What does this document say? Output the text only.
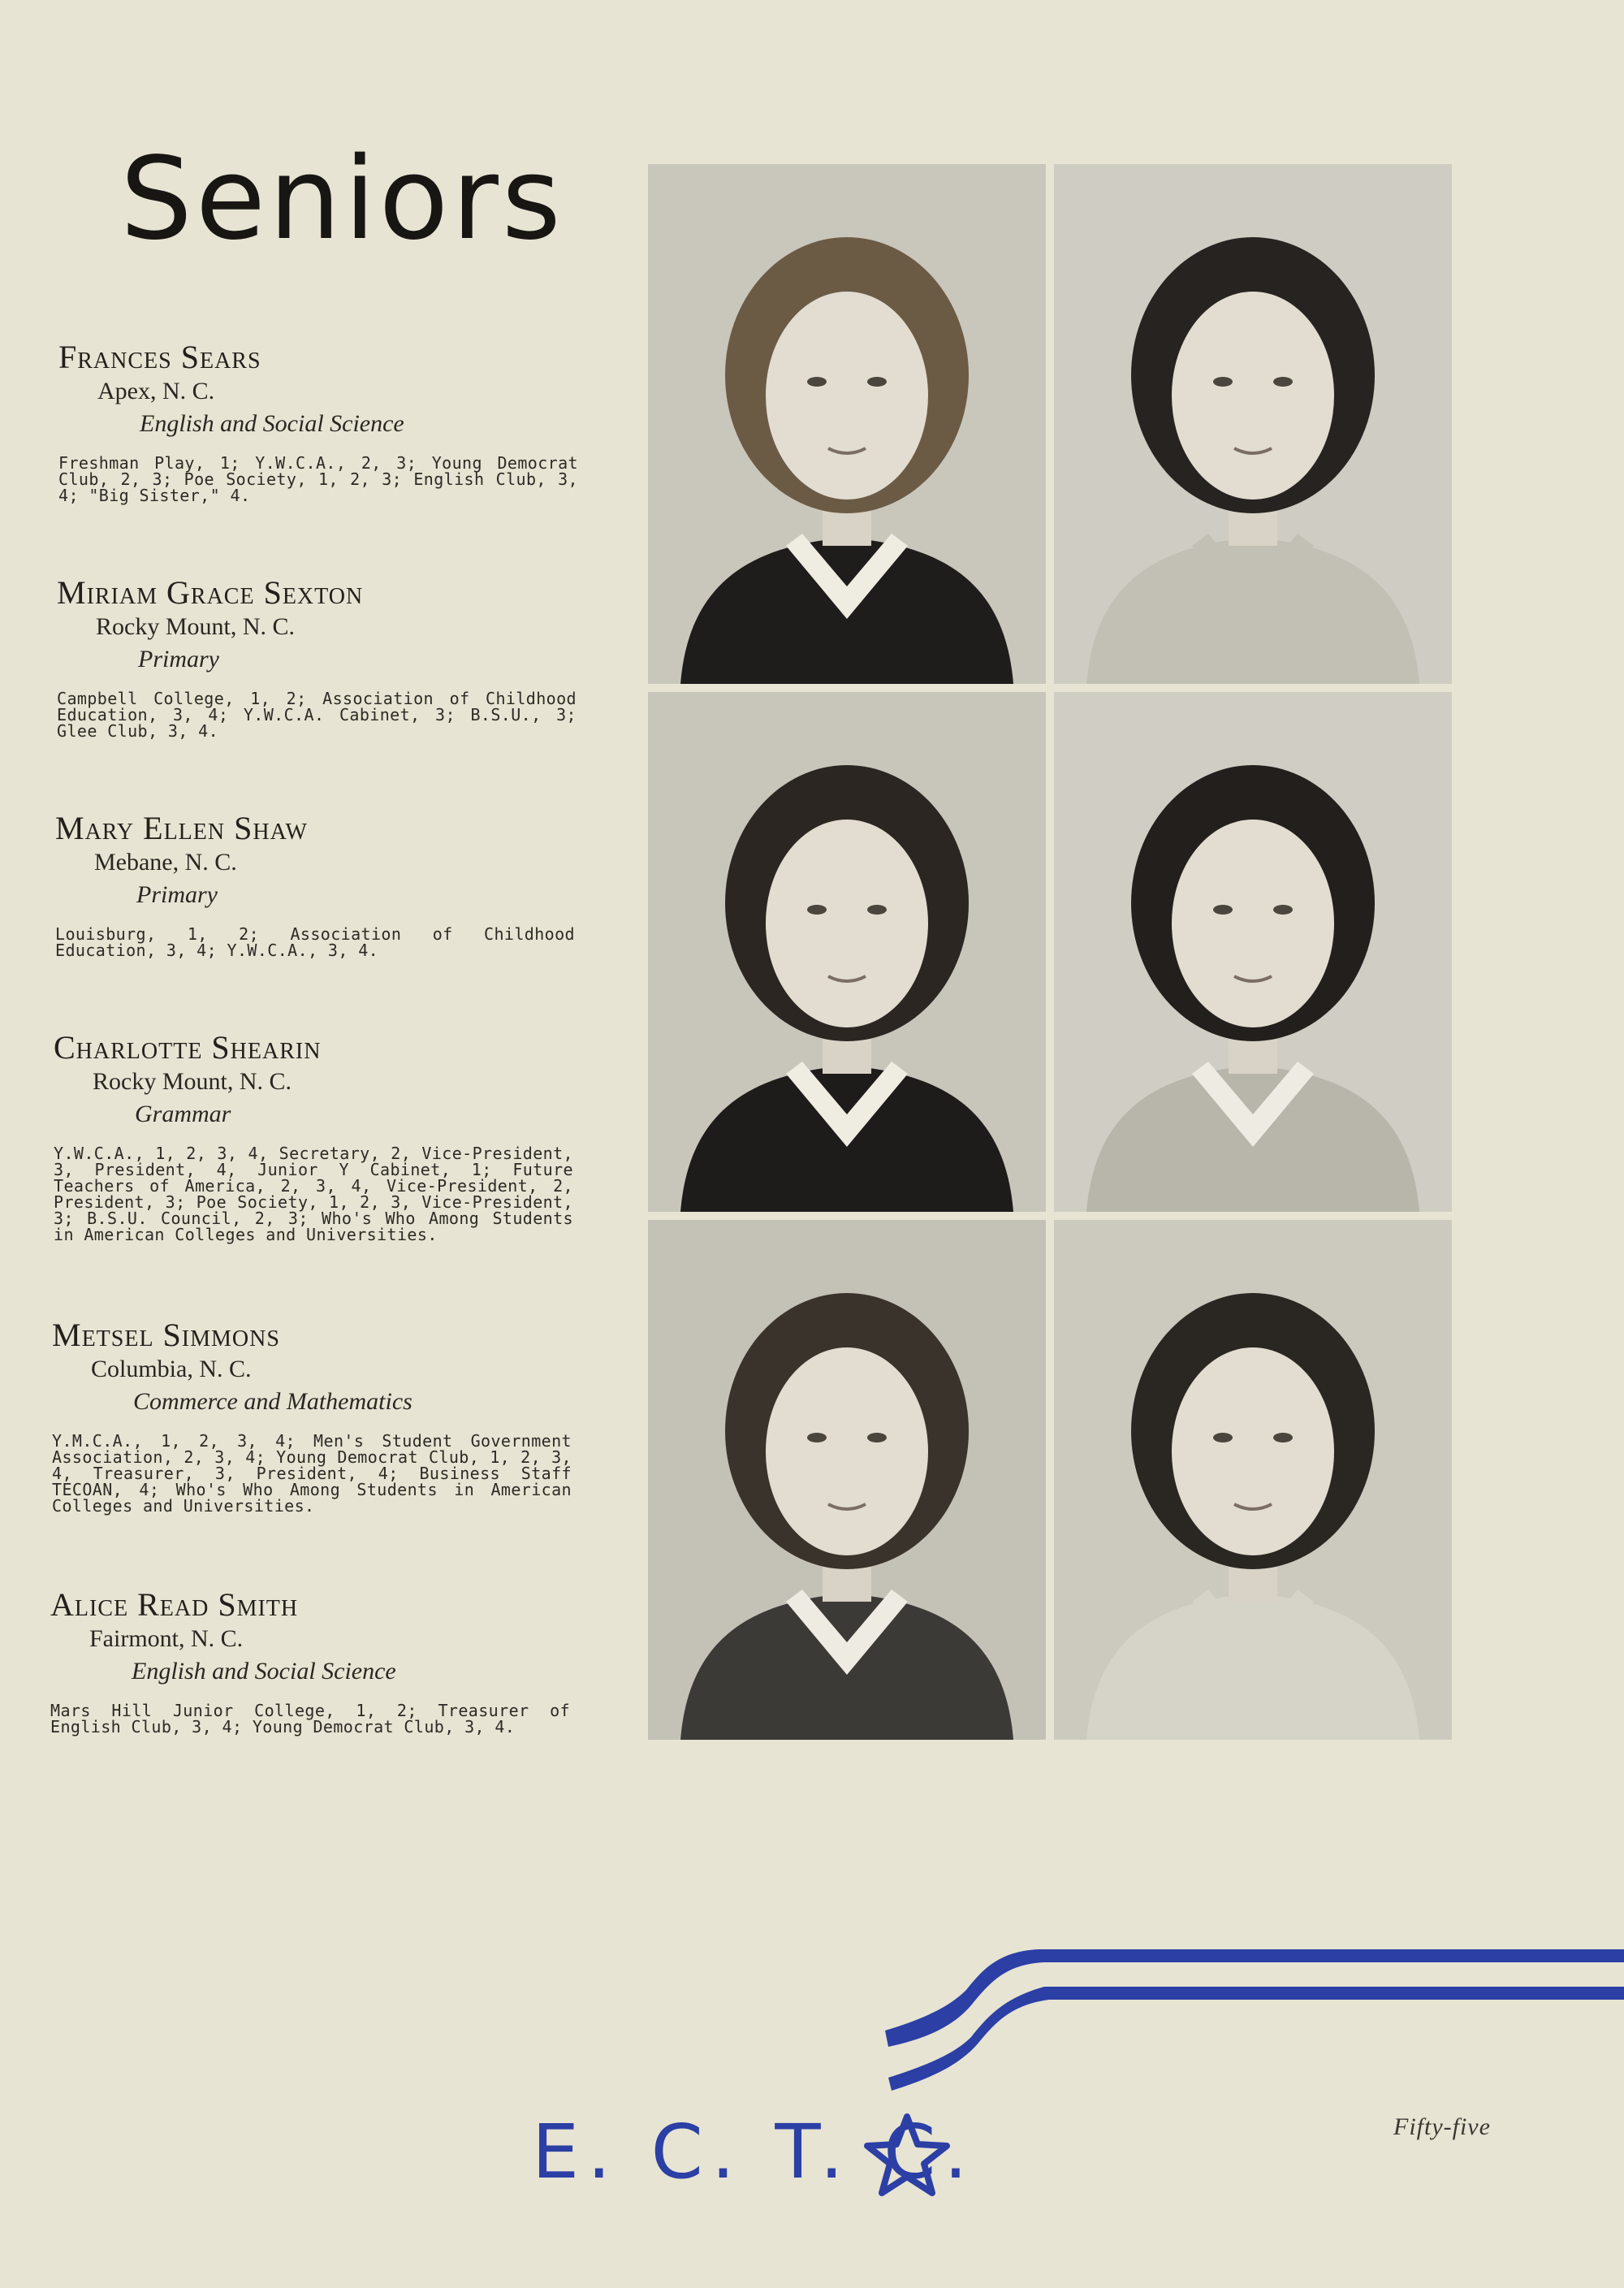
Seniors
Frances Sears
Apex, N. C.
English and Social Science
Freshman Play, 1; Y.W.C.A., 2, 3; Young Democrat Club, 2, 3; Poe Society, 1, 2, 3; English Club, 3, 4; "Big Sister," 4.
Miriam Grace Sexton
Rocky Mount, N. C.
Primary
Campbell College, 1, 2; Association of Childhood Education, 3, 4; Y.W.C.A. Cabinet, 3; B.S.U., 3; Glee Club, 3, 4.
Mary Ellen Shaw
Mebane, N. C.
Primary
Louisburg, 1, 2; Association of Childhood Education, 3, 4; Y.W.C.A., 3, 4.
Charlotte Shearin
Rocky Mount, N. C.
Grammar
Y.W.C.A., 1, 2, 3, 4, Secretary, 2, Vice-President, 3, President, 4, Junior Y Cabinet, 1; Future Teachers of America, 2, 3, 4, Vice-President, 2, President, 3; Poe Society, 1, 2, 3, Vice-President, 3; B.S.U. Council, 2, 3; Who's Who Among Students in American Colleges and Universities.
Metsel Simmons
Columbia, N. C.
Commerce and Mathematics
Y.M.C.A., 1, 2, 3, 4; Men's Student Government Association, 2, 3, 4; Young Democrat Club, 1, 2, 3, 4, Treasurer, 3, President, 4; Business Staff TECOAN, 4; Who's Who Among Students in American Colleges and Universities.
Alice Read Smith
Fairmont, N. C.
English and Social Science
Mars Hill Junior College, 1, 2; Treasurer of English Club, 3, 4; Young Democrat Club, 3, 4.
E. C. T. C.	Fifty-five
